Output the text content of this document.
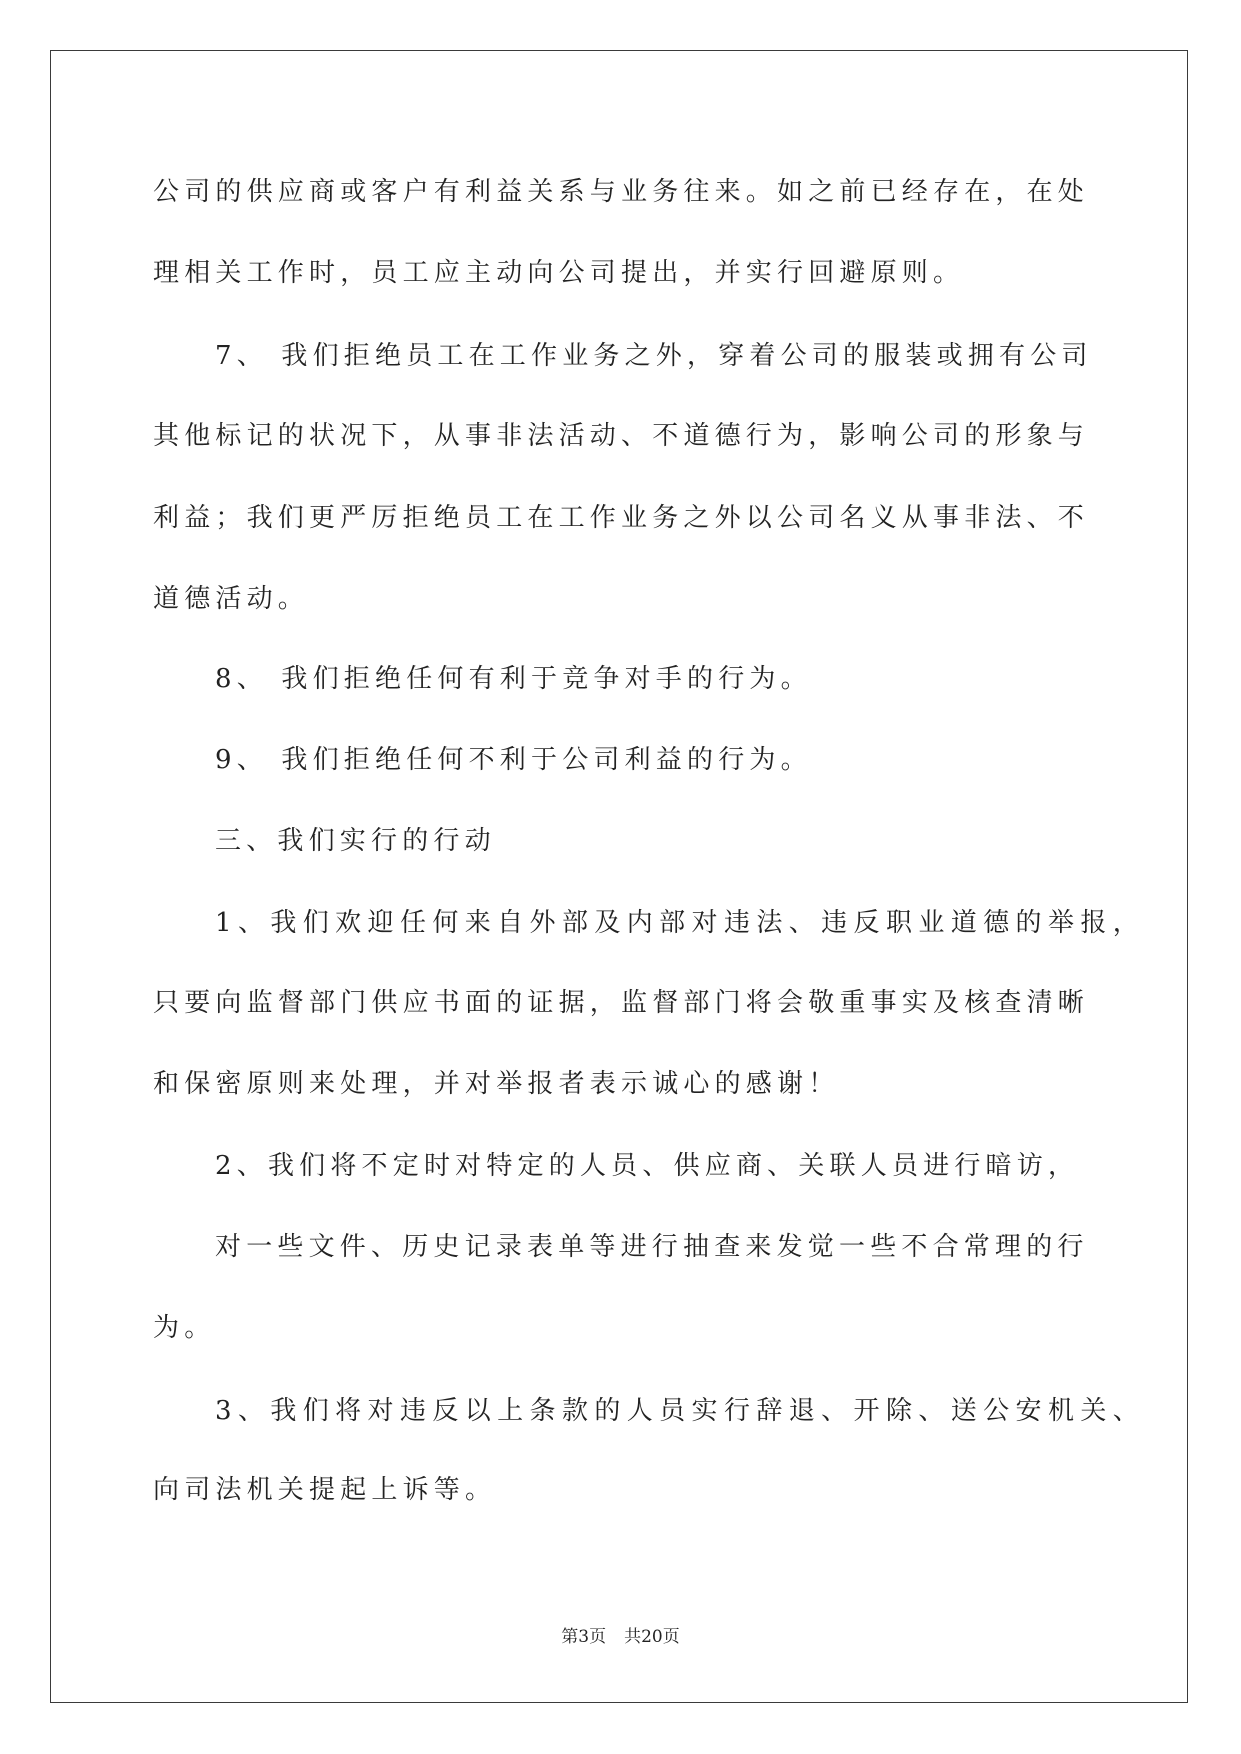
公司的供应商或客户有利益关系与业务往来。如之前已经存在，在处
理相关工作时，员工应主动向公司提出，并实行回避原则。
7、 我们拒绝员工在工作业务之外，穿着公司的服装或拥有公司
其他标记的状况下，从事非法活动、不道德行为，影响公司的形象与
利益；我们更严厉拒绝员工在工作业务之外以公司名义从事非法、不
道德活动。
8、 我们拒绝任何有利于竞争对手的行为。
9、 我们拒绝任何不利于公司利益的行为。
三、我们实行的行动
1、我们欢迎任何来自外部及内部对违法、违反职业道德的举报，
只要向监督部门供应书面的证据，监督部门将会敬重事实及核查清晰
和保密原则来处理，并对举报者表示诚心的感谢！
2、我们将不定时对特定的人员、供应商、关联人员进行暗访，
对一些文件、历史记录表单等进行抽查来发觉一些不合常理的行
为。
3、我们将对违反以上条款的人员实行辞退、开除、送公安机关、
向司法机关提起上诉等。
第3页 共20页
